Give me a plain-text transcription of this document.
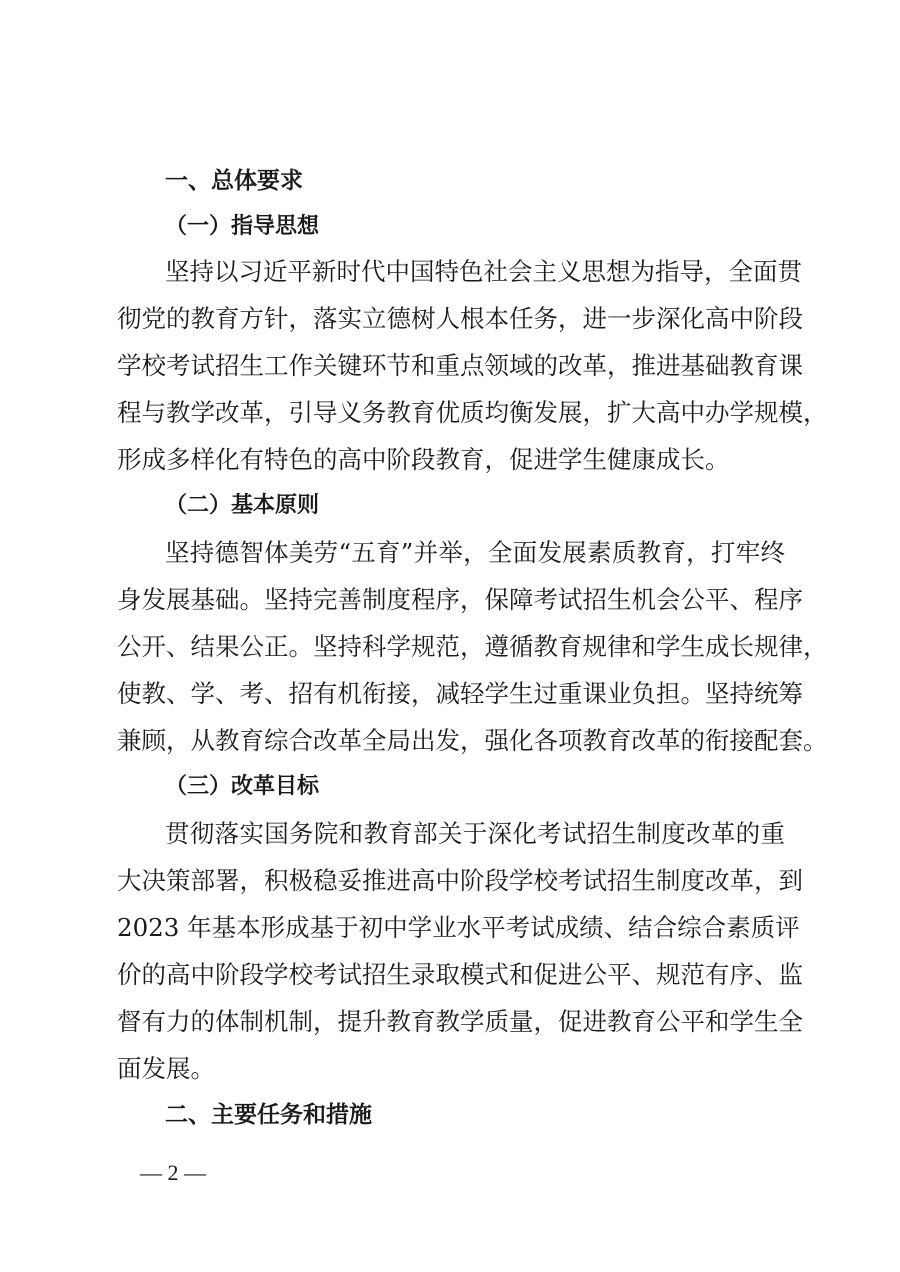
一、总体要求
（一）指导思想
坚持以习近平新时代中国特色社会主义思想为指导，全面贯
彻党的教育方针，落实立德树人根本任务，进一步深化高中阶段
学校考试招生工作关键环节和重点领域的改革，推进基础教育课
程与教学改革，引导义务教育优质均衡发展，扩大高中办学规模，
形成多样化有特色的高中阶段教育，促进学生健康成长。
（二）基本原则
坚持德智体美劳“五育”并举，全面发展素质教育，打牢终
身发展基础。坚持完善制度程序，保障考试招生机会公平、程序
公开、结果公正。坚持科学规范，遵循教育规律和学生成长规律，
使教、学、考、招有机衔接，减轻学生过重课业负担。坚持统筹
兼顾，从教育综合改革全局出发，强化各项教育改革的衔接配套。
（三）改革目标
贯彻落实国务院和教育部关于深化考试招生制度改革的重
大决策部署，积极稳妥推进高中阶段学校考试招生制度改革，到
2023 年基本形成基于初中学业水平考试成绩、结合综合素质评
价的高中阶段学校考试招生录取模式和促进公平、规范有序、监
督有力的体制机制，提升教育教学质量，促进教育公平和学生全
面发展。
二、主要任务和措施
— 2 —
